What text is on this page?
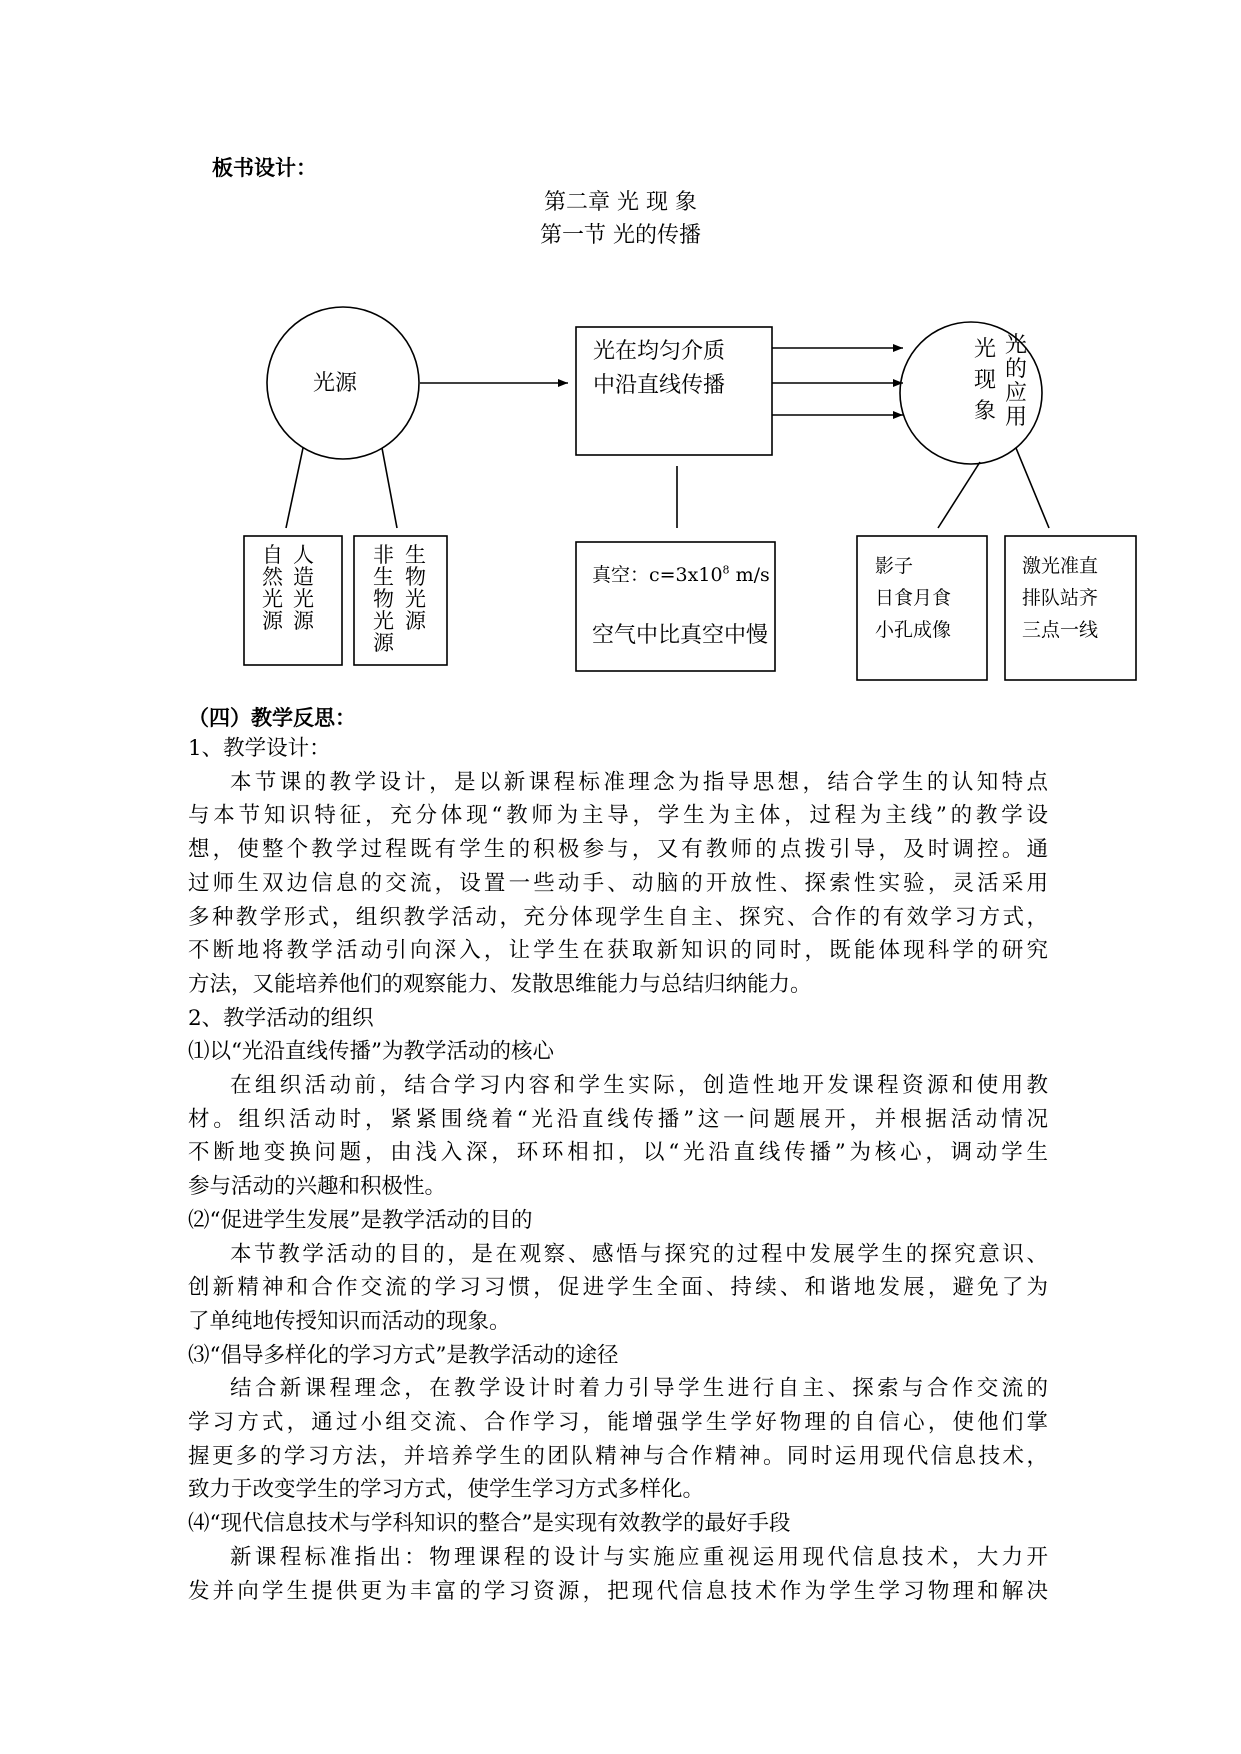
板书设计：
第二章 光 现 象
第一节 光的传播
光源
光在均匀介质
中沿直线传播
光
现
象
光
的
应
用
自
然
光
源
人
造
光
源
非
生
物
光
源
生
物
光
源
真空：$c=3x10^8$ m/s
空气中比真空中慢
影子
日食月食
小孔成像
激光准直
排队站齐
三点一线
（四）教学反思：
1、教学设计：
本节课的教学设计，是以新课程标准理念为指导思想，结合学生的认知特点
与本节知识特征，充分体现“教师为主导，学生为主体，过程为主线”的教学设
想，使整个教学过程既有学生的积极参与，又有教师的点拨引导，及时调控。通
过师生双边信息的交流，设置一些动手、动脑的开放性、探索性实验，灵活采用
多种教学形式，组织教学活动，充分体现学生自主、探究、合作的有效学习方式，
不断地将教学活动引向深入，让学生在获取新知识的同时，既能体现科学的研究
方法，又能培养他们的观察能力、发散思维能力与总结归纳能力。
2、教学活动的组织
⑴以“光沿直线传播”为教学活动的核心
在组织活动前，结合学习内容和学生实际，创造性地开发课程资源和使用教
材。组织活动时，紧紧围绕着“光沿直线传播”这一问题展开，并根据活动情况
不断地变换问题，由浅入深，环环相扣，以“光沿直线传播”为核心，调动学生
参与活动的兴趣和积极性。
⑵“促进学生发展”是教学活动的目的
本节教学活动的目的，是在观察、感悟与探究的过程中发展学生的探究意识、
创新精神和合作交流的学习习惯，促进学生全面、持续、和谐地发展，避免了为
了单纯地传授知识而活动的现象。
⑶“倡导多样化的学习方式”是教学活动的途径
结合新课程理念，在教学设计时着力引导学生进行自主、探索与合作交流的
学习方式，通过小组交流、合作学习，能增强学生学好物理的自信心，使他们掌
握更多的学习方法，并培养学生的团队精神与合作精神。同时运用现代信息技术，
致力于改变学生的学习方式，使学生学习方式多样化。
⑷“现代信息技术与学科知识的整合”是实现有效教学的最好手段
新课程标准指出：物理课程的设计与实施应重视运用现代信息技术，大力开
发并向学生提供更为丰富的学习资源，把现代信息技术作为学生学习物理和解决
